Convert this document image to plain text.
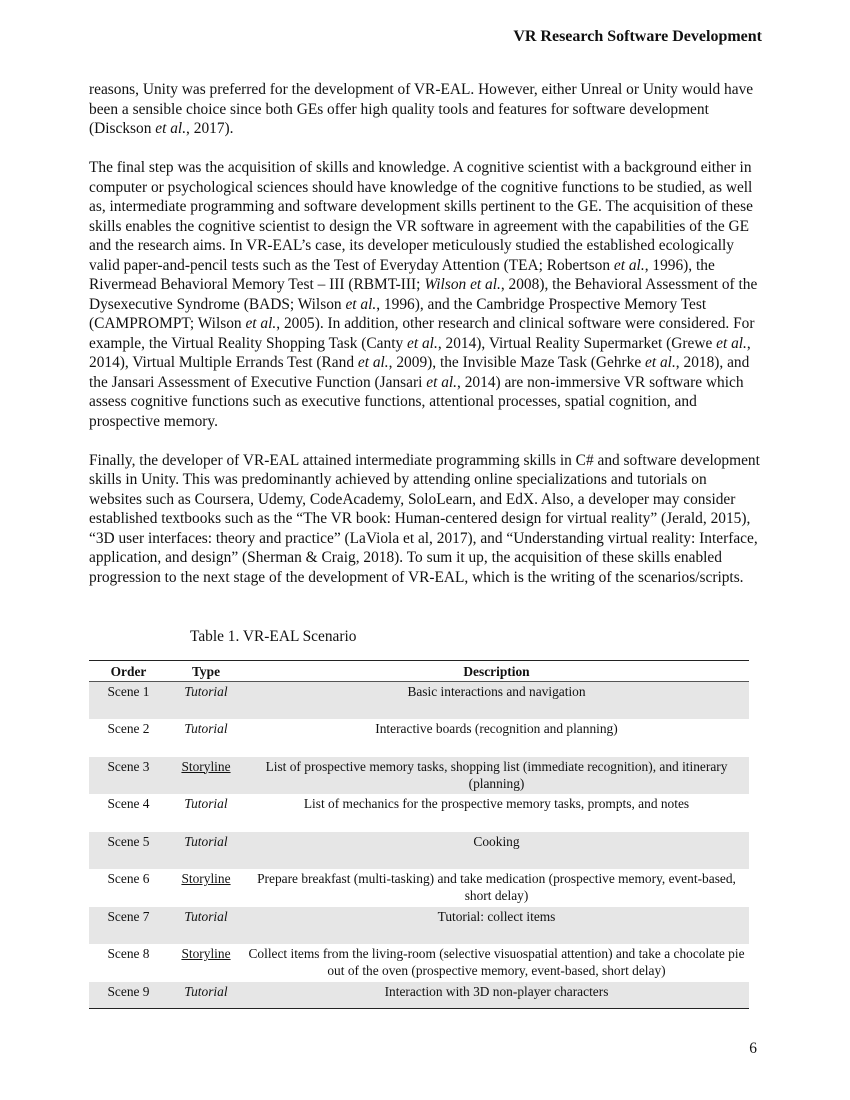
VR Research Software Development

reasons, Unity was preferred for the development of VR-EAL. However, either Unreal or Unity would have been a sensible choice since both GEs offer high quality tools and features for software development (Disckson et al., 2017).

The final step was the acquisition of skills and knowledge. A cognitive scientist with a background either in computer or psychological sciences should have knowledge of the cognitive functions to be studied, as well as, intermediate programming and software development skills pertinent to the GE. The acquisition of these skills enables the cognitive scientist to design the VR software in agreement with the capabilities of the GE and the research aims. In VR-EAL’s case, its developer meticulously studied the established ecologically valid paper-and-pencil tests such as the Test of Everyday Attention (TEA; Robertson et al., 1996), the Rivermead Behavioral Memory Test – III (RBMT-III; Wilson et al., 2008), the Behavioral Assessment of the Dysexecutive Syndrome (BADS; Wilson et al., 1996), and the Cambridge Prospective Memory Test (CAMPROMPT; Wilson et al., 2005). In addition, other research and clinical software were considered. For example, the Virtual Reality Shopping Task (Canty et al., 2014), Virtual Reality Supermarket (Grewe et al., 2014), Virtual Multiple Errands Test (Rand et al., 2009), the Invisible Maze Task (Gehrke et al., 2018), and the Jansari Assessment of Executive Function (Jansari et al., 2014) are non-immersive VR software which assess cognitive functions such as executive functions, attentional processes, spatial cognition, and prospective memory.

Finally, the developer of VR-EAL attained intermediate programming skills in C# and software development skills in Unity. This was predominantly achieved by attending online specializations and tutorials on websites such as Coursera, Udemy, CodeAcademy, SoloLearn, and EdX. Also, a developer may consider established textbooks such as the “The VR book: Human-centered design for virtual reality” (Jerald, 2015), “3D user interfaces: theory and practice” (LaViola et al, 2017), and “Understanding virtual reality: Interface, application, and design” (Sherman & Craig, 2018). To sum it up, the acquisition of these skills enabled progression to the next stage of the development of VR-EAL, which is the writing of the scenarios/scripts.

Table 1. VR-EAL Scenario
Order	Type	Description
Scene 1	Tutorial	Basic interactions and navigation
Scene 2	Tutorial	Interactive boards (recognition and planning)
Scene 3	Storyline	List of prospective memory tasks, shopping list (immediate recognition), and itinerary (planning)
Scene 4	Tutorial	List of mechanics for the prospective memory tasks, prompts, and notes
Scene 5	Tutorial	Cooking
Scene 6	Storyline	Prepare breakfast (multi-tasking) and take medication (prospective memory, event-based, short delay)
Scene 7	Tutorial	Tutorial: collect items
Scene 8	Storyline	Collect items from the living-room (selective visuospatial attention) and take a chocolate pie out of the oven (prospective memory, event-based, short delay)
Scene 9	Tutorial	Interaction with 3D non-player characters
6
